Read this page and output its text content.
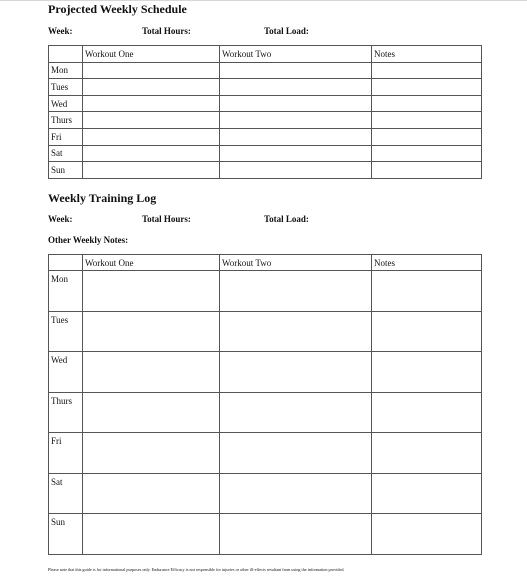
Projected Weekly Schedule
Week:	Total Hours:	Total Load:
	Workout One	Workout Two	Notes
Mon			
Tues			
Wed			
Thurs			
Fri			
Sat			
Sun			
Weekly Training Log
Week:	Total Hours:	Total Load:
Other Weekly Notes:
	Workout One	Workout Two	Notes
Mon			
Tues			
Wed			
Thurs			
Fri			
Sat			
Sun			
Please note that this guide is for informational purposes only. Endurance Efficacy is not responsible for injuries or other ill-effects resultant from using the information provided.
